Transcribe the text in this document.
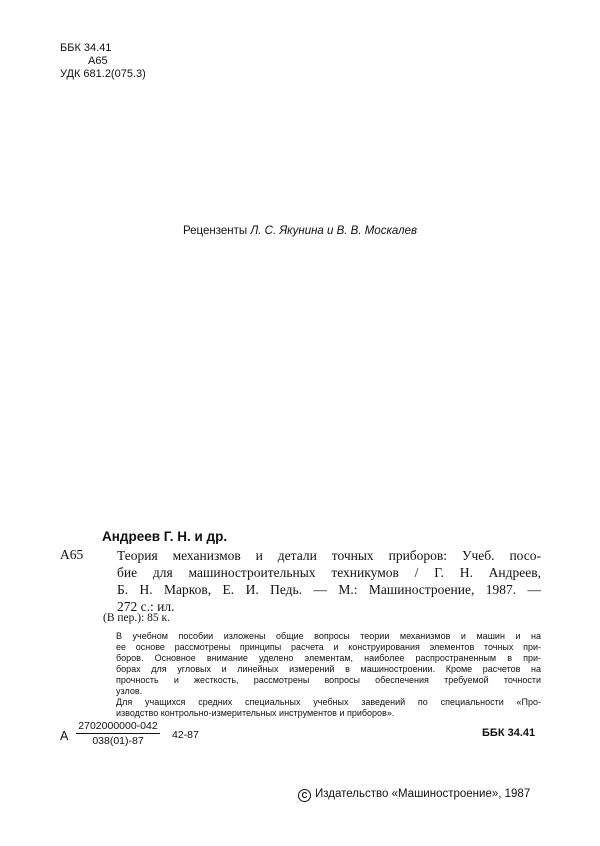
ББК 34.41
А65
УДК 681.2(075.3)
Рецензенты Л. С. Якунина и В. В. Москалев
Андреев Г. Н. и др.
А65	Теория механизмов и детали точных приборов: Учеб. посо-
бие для машиностроительных техникумов / Г. Н. Андреев,
Б. Н. Марков, Е. И. Педь. — М.: Машиностроение, 1987. —
272 с.: ил.
(В пер.): 85 к.
В учебном пособии изложены общие вопросы теории механизмов и машин и на
ее основе рассмотрены принципы расчета и конструирования элементов точных при-
боров. Основное внимание уделено элементам, наиболее распространенным в при-
борах для угловых и линейных измерений в машиностроении. Кроме расчетов на
прочность и жесткость, рассмотрены вопросы обеспечения требуемой точности
узлов.
Для учащихся средних специальных учебных заведений по специальности «Про-
изводство контрольно-измерительных инструментов и приборов».
А $\frac{2702000000-042}{038(01)-87} 42-87$	ББК 34.41
C Издательство «Машиностроение», 1987
